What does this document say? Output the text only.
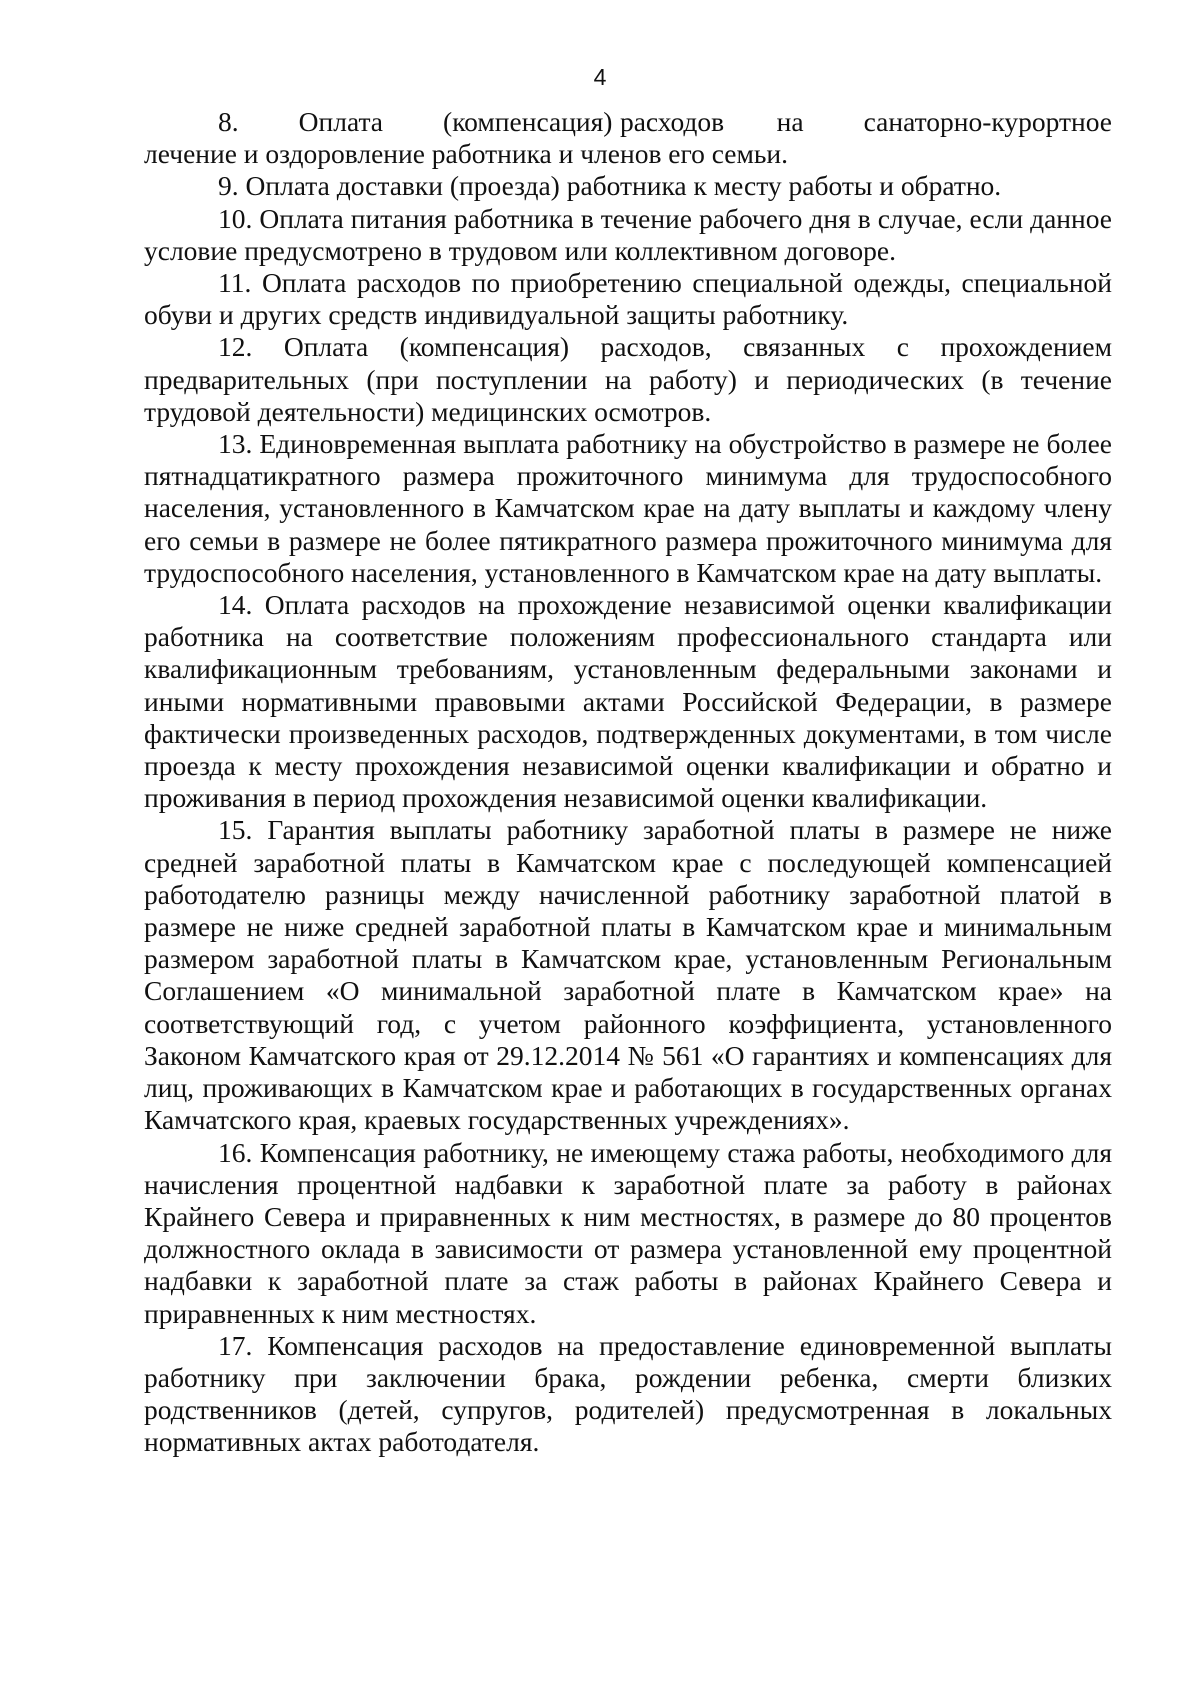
4

8.        Оплата        (компенсация) расходов       на        санаторно-курортное лечение и оздоровление работника и членов его семьи.

9. Оплата доставки (проезда) работника к месту работы и обратно.

10. Оплата питания работника в течение рабочего дня в случае, если данное условие предусмотрено в трудовом или коллективном договоре.

11. Оплата расходов по приобретению специальной одежды, специальной обуви и других средств индивидуальной защиты работнику.

12. Оплата (компенсация) расходов, связанных с прохождением предварительных (при поступлении на работу) и периодических (в течение трудовой деятельности) медицинских осмотров.

13. Единовременная выплата работнику на обустройство в размере не более пятнадцатикратного размера прожиточного минимума для трудоспособного населения, установленного в Камчатском крае на дату выплаты и каждому члену его семьи в размере не более пятикратного размера прожиточного минимума для трудоспособного населения, установленного в Камчатском крае на дату выплаты.

14. Оплата расходов на прохождение независимой оценки квалификации работника на соответствие положениям профессионального стандарта или квалификационным требованиям, установленным федеральными законами и иными нормативными правовыми актами Российской Федерации, в размере фактически произведенных расходов, подтвержденных документами, в том числе проезда к месту прохождения независимой оценки квалификации и обратно и проживания в период прохождения независимой оценки квалификации.

15. Гарантия выплаты работнику заработной платы в размере не ниже средней заработной платы в Камчатском крае с последующей компенсацией работодателю разницы между начисленной работнику заработной платой в размере не ниже средней заработной платы в Камчатском крае и минимальным размером заработной платы в Камчатском крае, установленным Региональным Соглашением «О минимальной заработной плате в Камчатском крае» на соответствующий год, с учетом районного коэффициента, установленного Законом Камчатского края от 29.12.2014 № 561 «О гарантиях и компенсациях для лиц, проживающих в Камчатском крае и работающих в государственных органах Камчатского края, краевых государственных учреждениях».

16. Компенсация работнику, не имеющему стажа работы, необходимого для начисления процентной надбавки к заработной плате за работу в районах Крайнего Севера и приравненных к ним местностях, в размере до 80 процентов должностного оклада в зависимости от размера установленной ему процентной надбавки к заработной плате за стаж работы в районах Крайнего Севера и приравненных к ним местностях.

17. Компенсация расходов на предоставление единовременной выплаты работнику при заключении брака, рождении ребенка, смерти близких родственников (детей, супругов, родителей) предусмотренная в локальных нормативных актах работодателя.
